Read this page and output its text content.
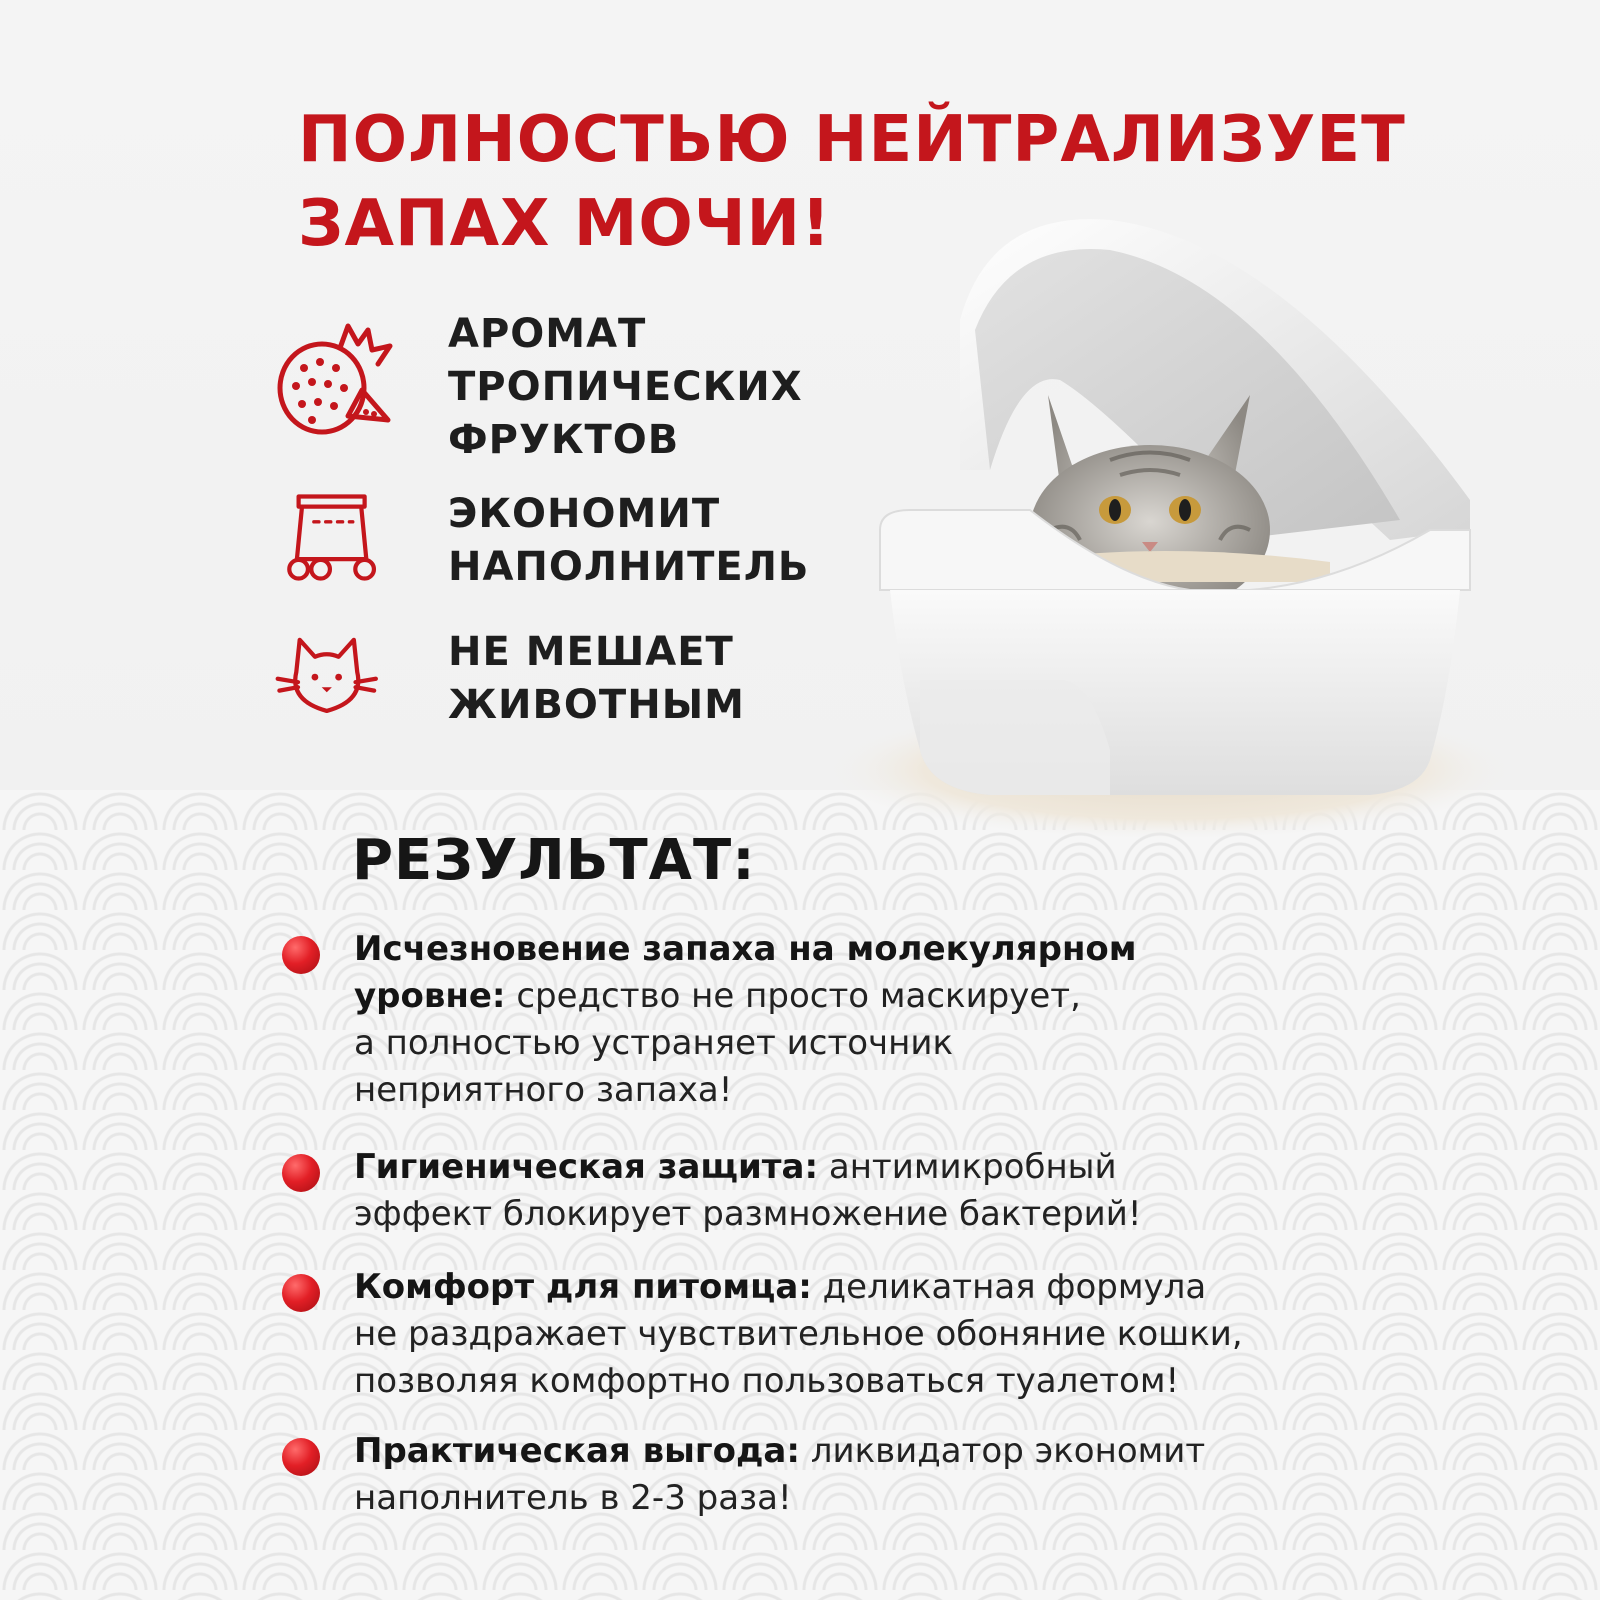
ПОЛНОСТЬЮ НЕЙТРАЛИЗУЕТ
ЗАПАХ МОЧИ!
АРОМАТ
ТРОПИЧЕСКИХ
ФРУКТОВ
ЭКОНОМИТ
НАПОЛНИТЕЛЬ
НЕ МЕШАЕТ
ЖИВОТНЫМ
РЕЗУЛЬТАТ:
Исчезновение запаха на молекулярном
уровне: средство не просто маскирует,
а полностью устраняет источник
неприятного запаха!
Гигиеническая защита: антимикробный
эффект блокирует размножение бактерий!
Комфорт для питомца: деликатная формула
не раздражает чувствительное обоняние кошки,
позволяя комфортно пользоваться туалетом!
Практическая выгода: ликвидатор экономит
наполнитель в 2-3 раза!
